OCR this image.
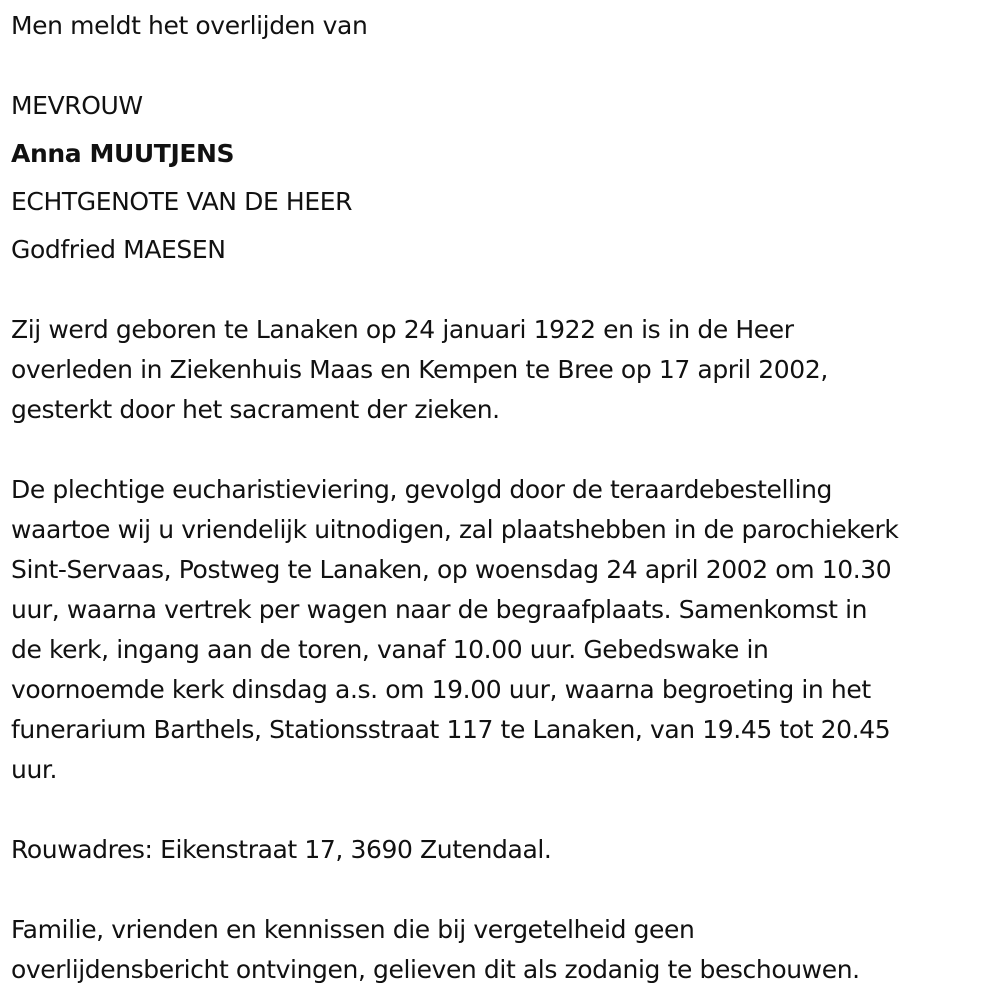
Men meldt het overlijden van
MEVROUW
Anna MUUTJENS
ECHTGENOTE VAN DE HEER
Godfried MAESEN
Zij werd geboren te Lanaken op 24 januari 1922 en is in de Heer
overleden in Ziekenhuis Maas en Kempen te Bree op 17 april 2002,
gesterkt door het sacrament der zieken.
De plechtige eucharistieviering, gevolgd door de teraardebestelling
waartoe wij u vriendelijk uitnodigen, zal plaatshebben in de parochiekerk
Sint-Servaas, Postweg te Lanaken, op woensdag 24 april 2002 om 10.30
uur, waarna vertrek per wagen naar de begraafplaats. Samenkomst in
de kerk, ingang aan de toren, vanaf 10.00 uur. Gebedswake in
voornoemde kerk dinsdag a.s. om 19.00 uur, waarna begroeting in het
funerarium Barthels, Stationsstraat 117 te Lanaken, van 19.45 tot 20.45
uur.
Rouwadres: Eikenstraat 17, 3690 Zutendaal.
Familie, vrienden en kennissen die bij vergetelheid geen
overlijdensbericht ontvingen, gelieven dit als zodanig te beschouwen.
